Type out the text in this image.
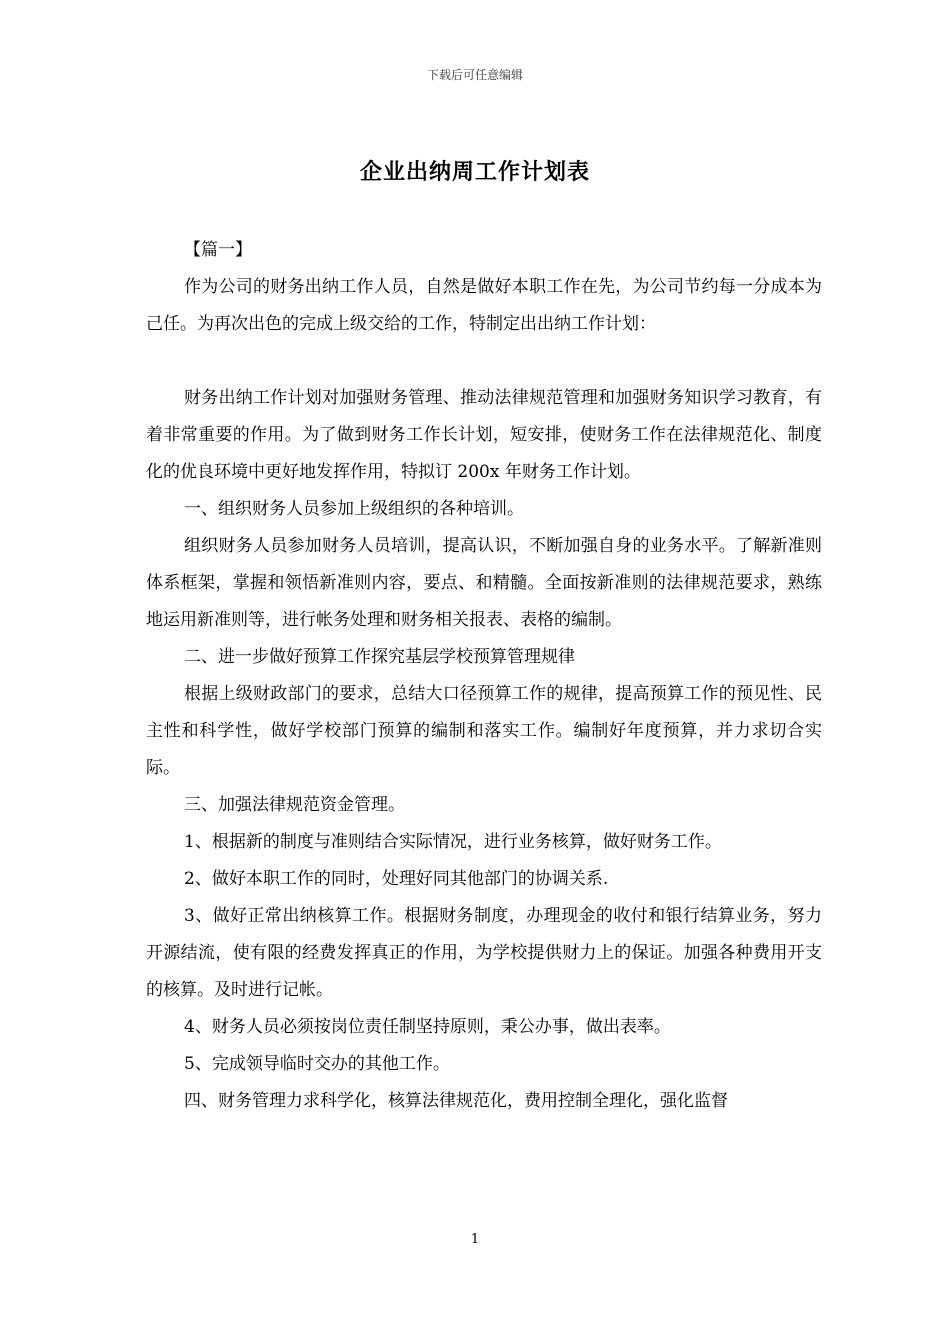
下载后可任意编辑
企业出纳周工作计划表

【篇一】

作为公司的财务出纳工作人员，自然是做好本职工作在先，为公司节约每一分成本为己任。为再次出色的完成上级交给的工作，特制定出出纳工作计划：

财务出纳工作计划对加强财务管理、推动法律规范管理和加强财务知识学习教育，有着非常重要的作用。为了做到财务工作长计划，短安排，使财务工作在法律规范化、制度化的优良环境中更好地发挥作用，特拟订 200x 年财务工作计划。

一、组织财务人员参加上级组织的各种培训。

组织财务人员参加财务人员培训，提高认识，不断加强自身的业务水平。了解新准则体系框架，掌握和领悟新准则内容，要点、和精髓。全面按新准则的法律规范要求，熟练地运用新准则等，进行帐务处理和财务相关报表、表格的编制。

二、进一步做好预算工作探究基层学校预算管理规律

根据上级财政部门的要求，总结大口径预算工作的规律，提高预算工作的预见性、民主性和科学性，做好学校部门预算的编制和落实工作。编制好年度预算，并力求切合实际。

三、加强法律规范资金管理。

1、根据新的制度与准则结合实际情况，进行业务核算，做好财务工作。

2、做好本职工作的同时，处理好同其他部门的协调关系.

3、做好正常出纳核算工作。根据财务制度，办理现金的收付和银行结算业务，努力开源结流，使有限的经费发挥真正的作用，为学校提供财力上的保证。加强各种费用开支的核算。及时进行记帐。

4、财务人员必须按岗位责任制坚持原则，秉公办事，做出表率。

5、完成领导临时交办的其他工作。

四、财务管理力求科学化，核算法律规范化，费用控制全理化，强化监督

1
